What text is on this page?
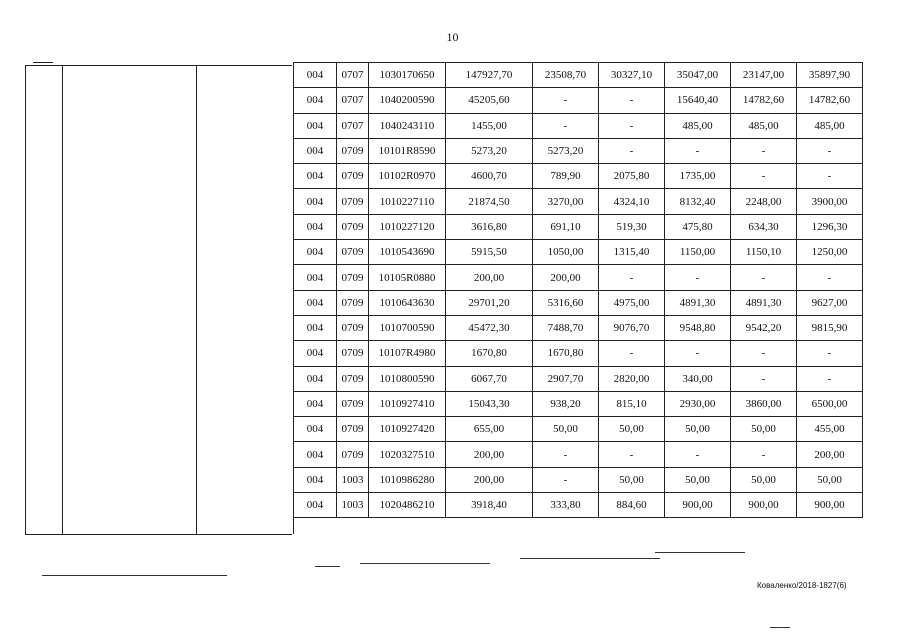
10
004	0707	1030170650	147927,70	23508,70	30327,10	35047,00	23147,00	35897,90
004	0707	1040200590	45205,60	-	-	15640,40	14782,60	14782,60
004	0707	1040243110	1455,00	-	-	485,00	485,00	485,00
004	0709	10101R8590	5273,20	5273,20	-	-	-	-
004	0709	10102R0970	4600,70	789,90	2075,80	1735,00	-	-
004	0709	1010227110	21874,50	3270,00	4324,10	8132,40	2248,00	3900,00
004	0709	1010227120	3616,80	691,10	519,30	475,80	634,30	1296,30
004	0709	1010543690	5915,50	1050,00	1315,40	1150,00	1150,10	1250,00
004	0709	10105R0880	200,00	200,00	-	-	-	-
004	0709	1010643630	29701,20	5316,60	4975,00	4891,30	4891,30	9627,00
004	0709	1010700590	45472,30	7488,70	9076,70	9548,80	9542,20	9815,90
004	0709	10107R4980	1670,80	1670,80	-	-	-	-
004	0709	1010800590	6067,70	2907,70	2820,00	340,00	-	-
004	0709	1010927410	15043,30	938,20	815,10	2930,00	3860,00	6500,00
004	0709	1010927420	655,00	50,00	50,00	50,00	50,00	455,00
004	0709	1020327510	200,00	-	-	-	-	200,00
004	1003	1010986280	200,00	-	50,00	50,00	50,00	50,00
004	1003	1020486210	3918,40	333,80	884,60	900,00	900,00	900,00
Коваленко/2018-1827(6)
